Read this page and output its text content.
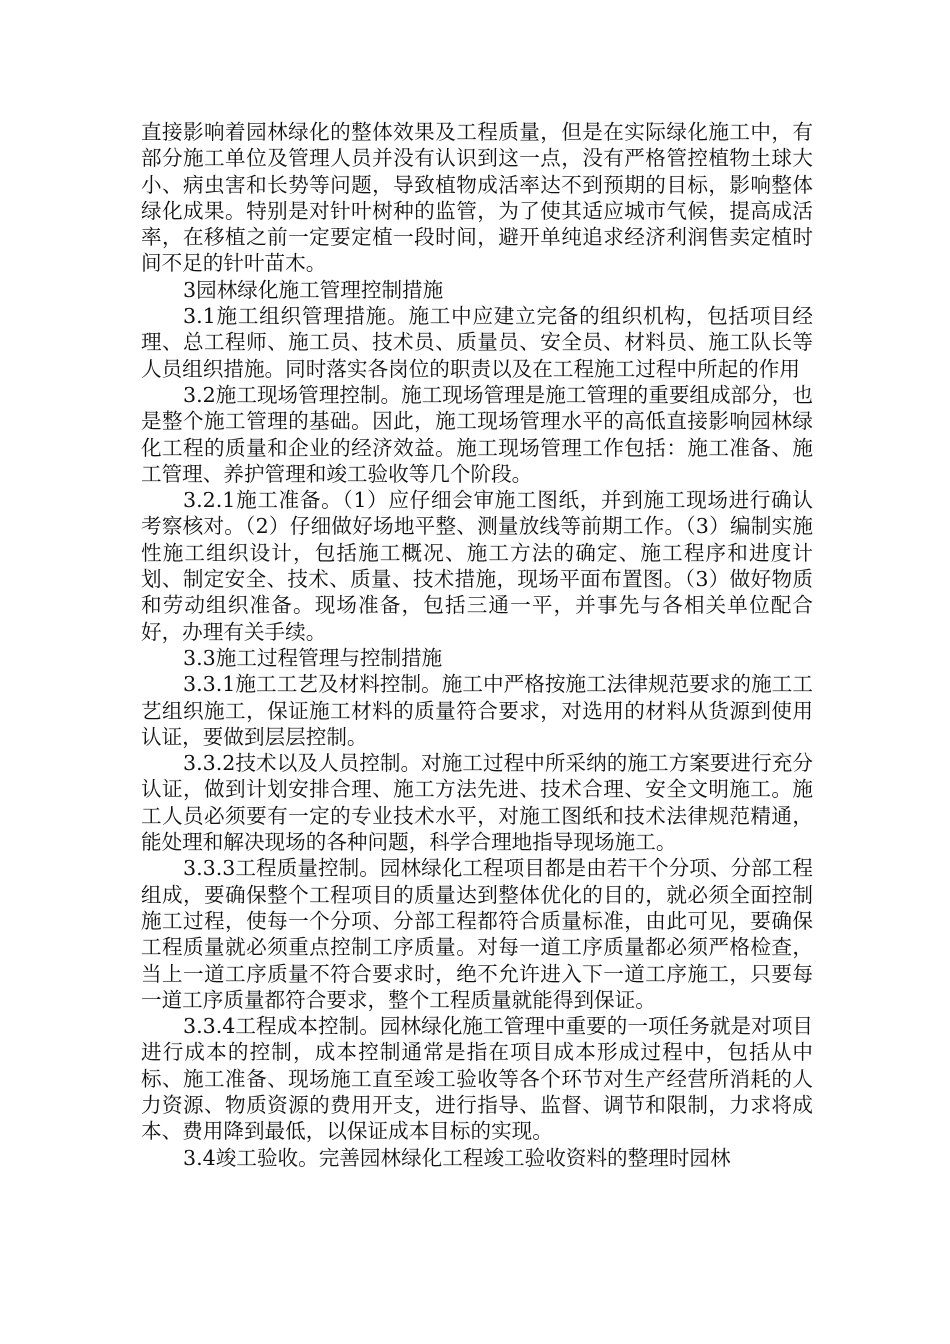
直接影响着园林绿化的整体效果及工程质量，但是在实际绿化施工中，有部分施工单位及管理人员并没有认识到这一点，没有严格管控植物土球大小、病虫害和长势等问题，导致植物成活率达不到预期的目标，影响整体绿化成果。特别是对针叶树种的监管，为了使其适应城市气候，提高成活率，在移植之前一定要定植一段时间，避开单纯追求经济利润售卖定植时间不足的针叶苗木。

3园林绿化施工管理控制措施

3.1施工组织管理措施。施工中应建立完备的组织机构，包括项目经理、总工程师、施工员、技术员、质量员、安全员、材料员、施工队长等人员组织措施。同时落实各岗位的职责以及在工程施工过程中所起的作用

3.2施工现场管理控制。施工现场管理是施工管理的重要组成部分，也是整个施工管理的基础。因此，施工现场管理水平的高低直接影响园林绿化工程的质量和企业的经济效益。施工现场管理工作包括：施工准备、施工管理、养护管理和竣工验收等几个阶段。

3.2.1施工准备。（1）应仔细会审施工图纸，并到施工现场进行确认考察核对。（2）仔细做好场地平整、测量放线等前期工作。（3）编制实施性施工组织设计，包括施工概况、施工方法的确定、施工程序和进度计划、制定安全、技术、质量、技术措施，现场平面布置图。（3）做好物质和劳动组织准备。现场准备，包括三通一平，并事先与各相关单位配合好，办理有关手续。

3.3施工过程管理与控制措施

3.3.1施工工艺及材料控制。施工中严格按施工法律规范要求的施工工艺组织施工，保证施工材料的质量符合要求，对选用的材料从货源到使用认证，要做到层层控制。

3.3.2技术以及人员控制。对施工过程中所采纳的施工方案要进行充分认证，做到计划安排合理、施工方法先进、技术合理、安全文明施工。施工人员必须要有一定的专业技术水平，对施工图纸和技术法律规范精通，能处理和解决现场的各种问题，科学合理地指导现场施工。

3.3.3工程质量控制。园林绿化工程项目都是由若干个分项、分部工程组成，要确保整个工程项目的质量达到整体优化的目的，就必须全面控制施工过程，使每一个分项、分部工程都符合质量标准，由此可见，要确保工程质量就必须重点控制工序质量。对每一道工序质量都必须严格检查，当上一道工序质量不符合要求时，绝不允许进入下一道工序施工，只要每一道工序质量都符合要求，整个工程质量就能得到保证。

3.3.4工程成本控制。园林绿化施工管理中重要的一项任务就是对项目进行成本的控制，成本控制通常是指在项目成本形成过程中，包括从中标、施工准备、现场施工直至竣工验收等各个环节对生产经营所消耗的人力资源、物质资源的费用开支，进行指导、监督、调节和限制，力求将成本、费用降到最低，以保证成本目标的实现。

3.4竣工验收。完善园林绿化工程竣工验收资料的整理时园林
